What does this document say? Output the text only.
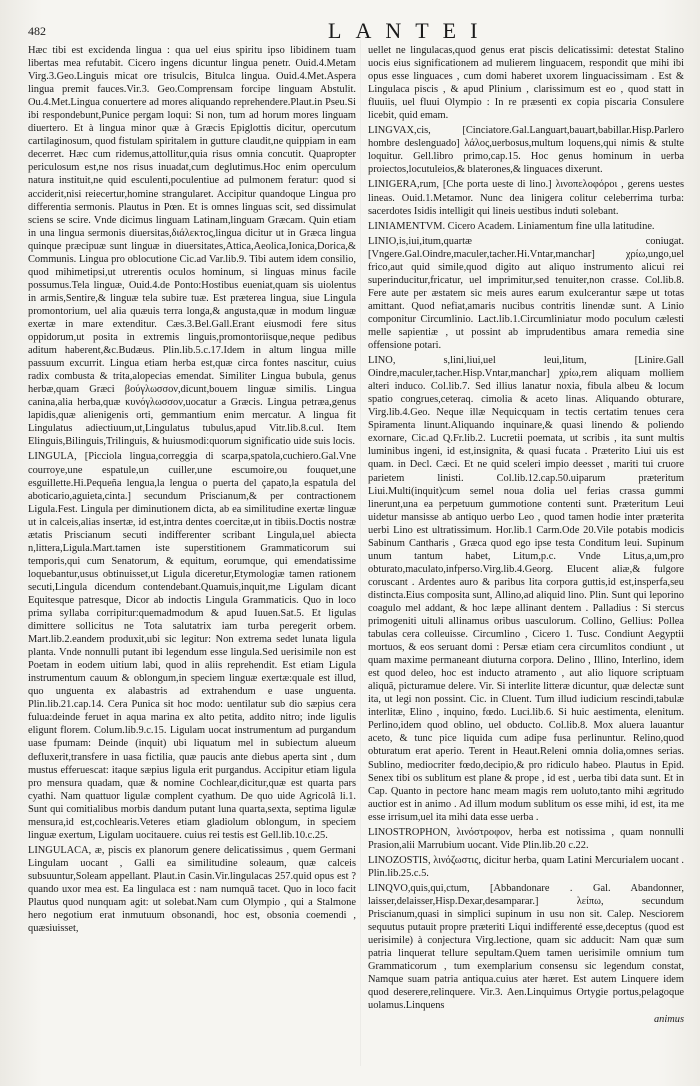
482	LANTEI

Hæc tibi est excidenda lingua : qua uel eius spiritu ipso libidinem tuam libertas mea refutabit. Cicero ingens dicuntur lingua penetr. Ouid.4.Metam Virg.3.Geo.Linguis micat ore trisulcis, Bitulca lingua. Ouid.4.Met.Aspera lingua premit fauces.Vir.3. Geo.Comprensam forcipe linguam Abstulit. Ou.4.Met.Lingua conuertere ad mores aliquando reprehendere.Plaut.in Pseu.Si ibi respondebunt,Punice pergam loqui: Si non, tum ad horum mores linguam diuertero. Et à lingua minor quæ à Græcis Epiglottis dicitur, opercutum cartilaginosum, quod fistulam spiritalem in gutture claudit,ne quippiam in eam decerret. Hæc cum ridemus,attollitur,quia risus omnia concutit. Quapropter periculosum est,ne nos risus inuadat,cum deglutimus.Hoc enim operculum natura instituit,ne quid esculenti,poculentiue ad pulmonem feratur: quod si acciderit,nisi reiecertur,homine strangularet. Accipitur quandoque Lingua pro differentia sermonis. Plautus in Pœn. Et is omnes linguas scit, sed dissimulat sciens se scire. Vnde dicimus linguam Latinam,linguam Græcam. Quin etiam in una lingua sermonis diuersitas,διάλεκτος,lingua dicitur ut in Græca lingua quinque præcipuæ sunt linguæ in diuersitates,Attica,Aeolica,Ionica,Dorica,& Communis. Lingua pro oblocutione Cic.ad Var.lib.9. Tibi autem idem consilio, quod mihimetipsi,ut utrerentis oculos hominum, si linguas minus facile possumus.Tela linguæ, Ouid.4.de Ponto:Hostibus eueniat,quam sis uiolentus in armis,Sentire,& linguæ tela subire tuæ. Est præterea lingua, siue Lingula promontorium, uel alia quæuis terra longa,& angusta,quæ in modum linguæ exertæ in mare extenditur. Cæs.3.Bel.Gall.Erant eiusmodi fere situs oppidorum,ut posita in extremis linguis,promontoriisque,neque pedibus aditum haberent,&c.Budæus. Plin.lib.5.c.17.Idem in altum lingua mille passuum excurrit. Lingua etiam herba est,quæ circa fontes nascitur, cuius radix combusta & trita,alopecias emendat. Similiter Lingua bubula, genus herbæ,quam Græci βούγλωσσον,dicunt,bouem linguæ similis. Lingua canina,alia herba,quæ κυνόγλωσσον,uocatur a Græcis. Lingua petræa,genus lapidis,quæ alienigenis orti, gemmantium enim mercatur. A lingua fit Lingulatus adiectiuum,ut,Lingulatus tubulus,apud Vitr.lib.8.cul. Item Elinguis,Bilinguis,Trilinguis, & huiusmodi:quorum significatio uide suis locis.

LINGULA, [Picciola lingua,correggia di scarpa,spatola,cuchiero.Gal.Vne courroye,une espatule,un cuiller,une escumoire,ou fouquet,une esguillette.Hi.Pequeña lengua,la lengua o puerta del çapato,la espatula del aboticario,aguieta,cinta.] secundum Priscianum,& per contractionem Ligula.Fest. Lingula per diminutionem dicta, ab ea similitudine exertæ linguæ ut in calceis,alias insertæ, id est,intra dentes coercitæ,ut in tibiis.Doctis nostræ ætatis Priscianum secuti indifferenter scribant Lingula,uel abiecta n,littera,Ligula.Mart.tamen iste superstitionem Grammaticorum sui temporis,qui cum Senatorum, & equitum, eorumque, qui emendatissime loquebantur,usus obtinuisset,ut Ligula diceretur,Etymologiæ tamen rationem secuti,Lingula dicendum contendebant.Quamuis,inquit,me Ligulam dicant Equitesque patresque, Dicor ab indoctis Lingula Grammaticis. Quo in loco prima syllaba corripitur:quemadmodum & apud Iuuen.Sat.5. Et ligulas dimittere sollicitus ne Tota salutatrix iam turba peregerit orbem. Mart.lib.2.eandem produxit,ubi sic legitur: Non extrema sedet lunata ligula planta. Vnde nonnulli putant ibi legendum esse lingula.Sed uerisimile non est Poetam in eodem uitium labi, quod in aliis reprehendit. Est etiam Ligula instrumentum cauum & oblongum,in speciem linguæ exertæ:quale est illud, quo unguenta ex alabastris ad extrahendum e uase unguenta. Plin.lib.21.cap.14. Cera Punica sit hoc modo: uentilatur sub dio sæpius cera fulua:deinde feruet in aqua marina ex alto petita, addito nitro; inde ligulis eligunt florem. Colum.lib.9.c.15. Ligulam uocat instrumentum ad purgandum uase fpumam: Deinde (inquit) ubi liquatum mel in subiectum alueum defluxerit,transfere in uasa fictilia, quæ paucis ante diebus aperta sint , dum mustus efferuescat: itaque sæpius ligula erit purgandus. Accipitur etiam ligula pro mensura quadam, quæ & nomine Cochlear,dicitur,quæ est quarta pars cyathi. Nam quattuor ligulæ complent cyathum. De quo uide Agricolâ li.1. Sunt qui comitialibus morbis dandum putant luna quarta,sexta, septima ligulæ mensura,id est,cochlearis.Veteres etiam gladiolum oblongum, in speciem linguæ exertum, Ligulam uocitauere. cuius rei testis est Gell.lib.10.c.25.

LINGULACA, æ, piscis ex planorum genere delicatissimus , quem Germani Lingulam uocant , Galli ea similitudine soleaum, quæ calceis subsuuntur,Soleam appellant. Plaut.in Casin.Vir.lingulacas 257.quid opus est ? quando uxor mea est. Ea lingulaca est : nam numquã tacet. Quo in loco facit Plautus quod nunquam agit: ut solebat.Nam cum Olympio , qui a Stalmone hero negotium erat inmutuum obsonandi, hoc est, obsonia coemendi , quæsiuisset,

uellet ne lingulacas,quod genus erat piscis delicatissimi: detestat Stalino uocis eius significationem ad mulierem linguacem, respondit que mihi ibi opus esse linguaces , cum domi haberet uxorem linguacissimam . Est & Lingulaca piscis , & apud Plinium , clarissimum est eo , quod statt in fluuiis, uel fluui Olympio : In re præsenti ex copia piscaria Consulere licebit, quid emam.

LINGVAX,cis, [Cinciatore.Gal.Languart,bauart,babillar.Hisp.Parlero hombre deslenguado] λάλος,uerbosus,multum loquens,qui nimis & stulte loquitur. Gell.libro primo,cap.15. Hoc genus hominum in uerba proiectos,locutuleios,& blaterones,& linguaces dixerunt.

LINIGERA,rum, [Che porta ueste di lino.] λινοπελοφόροι , gerens uestes lineas. Ouid.1.Metamor. Nunc dea linigera colitur celeberrima turba: sacerdotes Isidis intelligit qui lineis uestibus induti solebant.

LINIAMENTVM. Cicero Academ. Liniamentum fine ulla latitudine.

LINIO,is,iui,itum,quartæ coniugat. [Vngere.Gal.Oindre,maculer,tacher.Hi.Vntar,manchar] χρίω,ungo,uel frico,aut quid simile,quod digito aut aliquo instrumento alicui rei superinducitur,fricatur, uel imprimitur,sed tenuiter,non crasse. Col.lib.8. Fere aute per æstatem sic meis aures earum exulcerantur sæpe ut totas amittant. Quod nefiat,amaris nucibus contritis linendæ sunt. A Linio componitur Circumlinio. Lact.lib.1.Circumliniatur modo poculum cælesti melle sapientiæ , ut possint ab imprudentibus amara remedia sine offensione potari.

LINO, s,lini,liui,uel leui,litum, [Linire.Gall Oindre,maculer,tacher.Hisp.Vntar,manchar] χρίω,rem aliquam molliem alteri induco. Col.lib.7. Sed illius lanatur noxia, fibula albeu & locum spatio congrues,ceteraq. cimolia & aceto linas. Aliquando obturare, Virg.lib.4.Geo. Neque illæ Nequicquam in tectis certatim tenues cera Spiramenta linunt.Aliquando inquinare,& quasi linendo & poliendo exornare, Cic.ad Q.Fr.lib.2. Lucretii poemata, ut scribis , ita sunt multis luminibus ingeni, id est,insignita, & quasi fucata . Præterito Liui uis est quam. in Decl. Cæci. Et ne quid sceleri impio deesset , mariti tui cruore parietem linisti. Col.lib.12.cap.50.uiparum præteritum Liui.Multi(inquit)cum semel noua dolia uel ferias crassa gummi linerunt,una ea perpetuum gummotione contenti sunt. Præteritum Leui uidetur mansisse ab antiquo uerbo Leo , quod tamen hodie inter præterita uerbi Lino est ultratissimum. Hor.lib.1 Carm.Ode 20.Vile potabis modicis Sabinum Cantharis , Græca quod ego ipse testa Conditum leui. Supinum unum tantum habet, Litum,p.c. Vnde Litus,a,um,pro obturato,maculato,infperso.Virg.lib.4.Georg. Elucent aliæ,& fulgore coruscant . Ardentes auro & paribus lita corpora guttis,id est,insperfa,seu distincta.Eius composita sunt, Allino,ad aliquid lino. Plin. Sunt qui leporino coagulo mel addant, & hoc læpe allinant dentem . Palladius : Si stercus primogeniti uituli allinamus oribus uasculorum. Collino, Gellius: Pollea tabulas cera colleuisse. Circumlino , Cicero 1. Tusc. Condiunt Aegyptii mortuos, & eos seruant domi : Persæ etiam cera circumlitos condiunt , ut quam maxime permaneant diuturna corpora. Delino , Illino, Interlino, idem est quod deleo, hoc est inducto atramento , aut alio liquore scriptuam aliquã, picturamue delere. Vir. Si interlite litteræ dicuntur, quæ delectæ sunt ita, ut legi non possint. Cic. in Cluent. Tum illud iudicium rescindi,tabulæ interlitæ, Elino , inquino, fœdo. Luci.lib.6. Si huic aestimenta, elenitum. Perlino,idem quod oblino, uel obducto. Col.lib.8. Mox aluera lauantur aceto, & tunc pice liquida cum adipe fusa perlinuntur. Relino,quod obturatum erat aperio. Terent in Heaut.Releni omnia dolia,omnes serias. Sublino, mediocriter fœdo,decipio,& pro ridiculo habeo. Plautus in Epid. Senex tibi os sublitum est plane & prope , id est , uerba tibi data sunt. Et in Cap. Quanto in pectore hanc meam magis rem uoluto,tanto mihi ægritudo auctior est in animo . Ad illum modum sublitum os esse mihi, id est, ita me esse irrisum,uel ita mihi data esse uerba .

LINOSTROPHON, λινόστροφον, herba est notissima , quam nonnulli Prasion,alii Marrubium uocant. Vide Plin.lib.20 c.22.

LINOZOSTIS, λινόζωστις, dicitur herba, quam Latini Mercurialem uocant . Plin.lib.25.c.5.

LINQVO,quis,qui,ctum, [Abbandonare . Gal. Abandonner, laisser,delaisser,Hisp.Dexar,desamparar.] λείπω, secundum Priscianum,quasi in simplici supinum in usu non sit. Calep. Nesciorem sequutus putauit propre præteriti Liqui indifferenté esse,deceptus (quod est uerisimile) à conjectura Virg.lectione, quam sic adducit: Nam quæ sum patria linquerat tellure sepultam.Quem tamen uerisimile omnium tum Grammaticorum , tum exemplarium consensu sic legendum constat, Namque suam patria antiqua.cuius ater hæret. Est autem Linquere idem quod deserere,relinquere. Vir.3. Aen.Linquimus Ortygie portus,pelagoque uolamus.Linquens

animus
